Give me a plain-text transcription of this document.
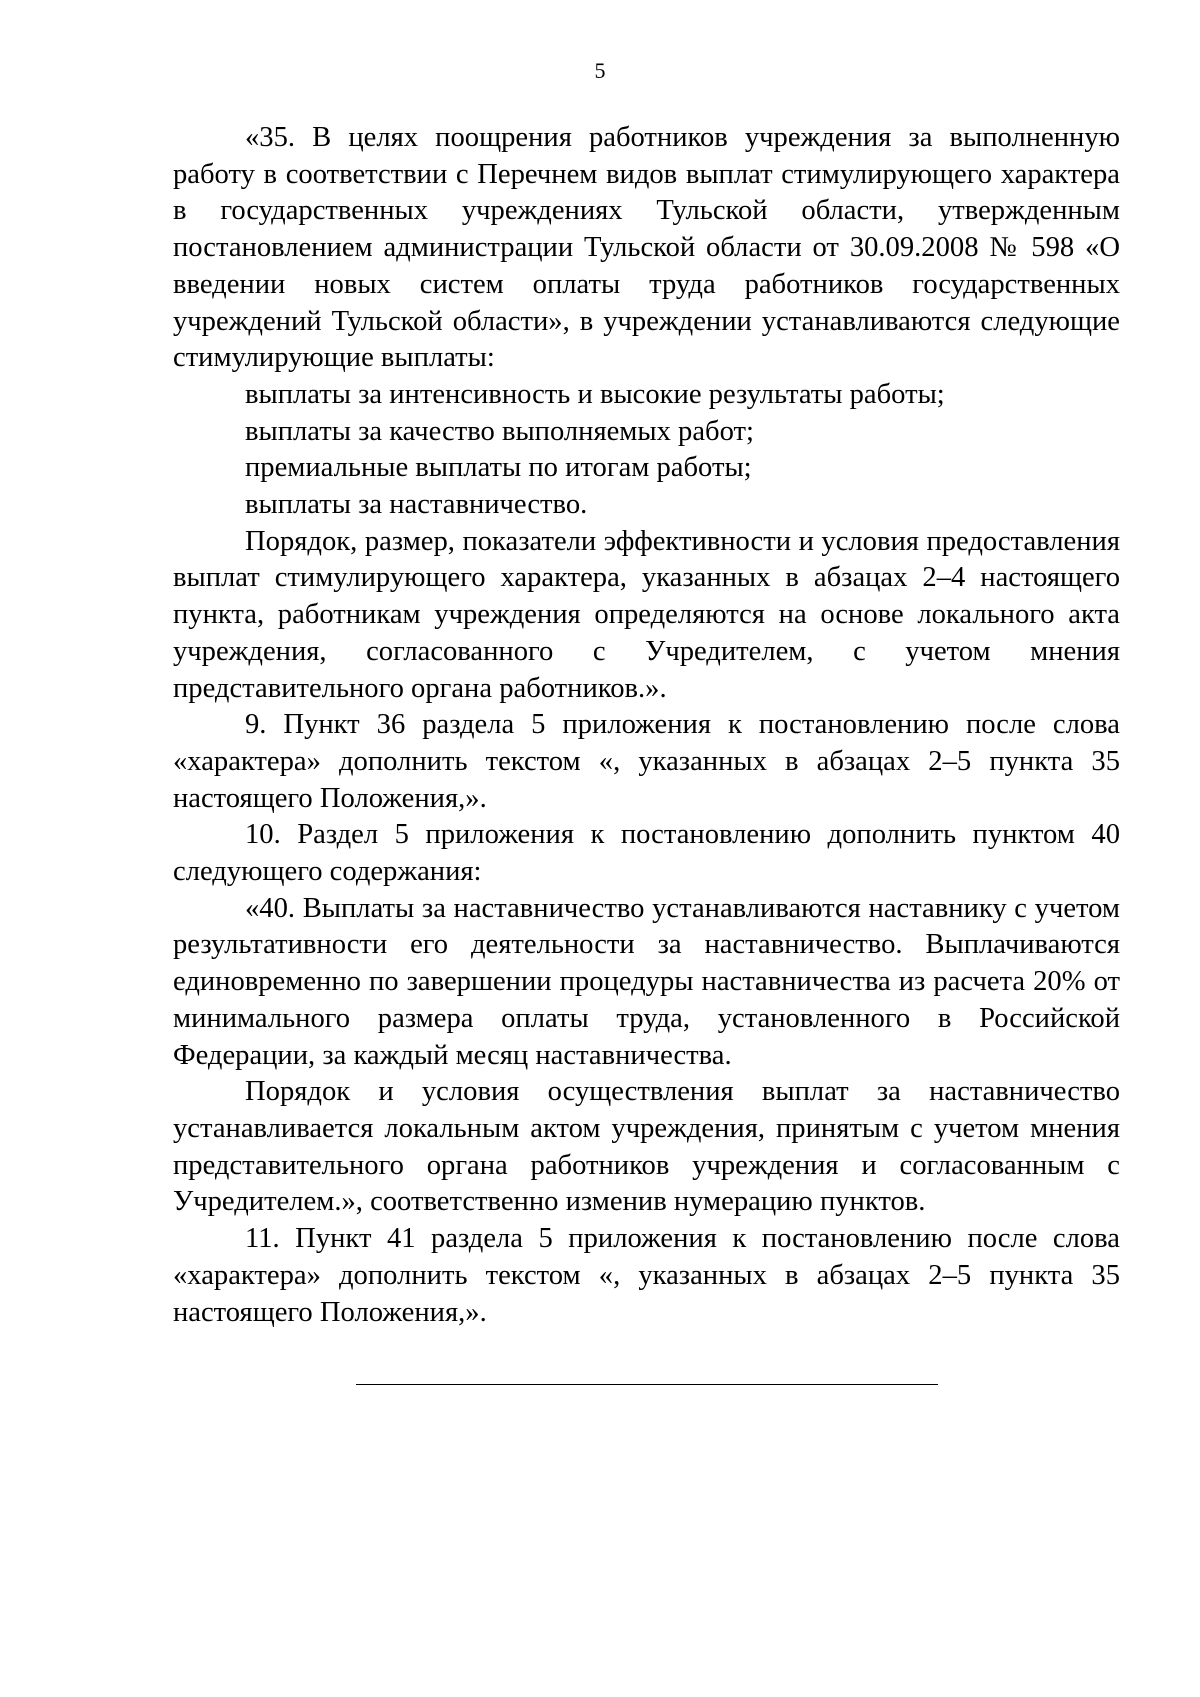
5

«35. В целях поощрения работников учреждения за выполненную работу в соответствии с Перечнем видов выплат стимулирующего характера в государственных учреждениях Тульской области, утвержденным постановлением администрации Тульской области от 30.09.2008 № 598 «О введении новых систем оплаты труда работников государственных учреждений Тульской области», в учреждении устанавливаются следующие стимулирующие выплаты:

выплаты за интенсивность и высокие результаты работы;

выплаты за качество выполняемых работ;

премиальные выплаты по итогам работы;

выплаты за наставничество.

Порядок, размер, показатели эффективности и условия предоставления выплат стимулирующего характера, указанных в абзацах 2–4 настоящего пункта, работникам учреждения определяются на основе локального акта учреждения, согласованного с Учредителем, с учетом мнения представительного органа работников.».

9. Пункт 36 раздела 5 приложения к постановлению после слова «характера» дополнить текстом «, указанных в абзацах 2–5 пункта 35 настоящего Положения,».

10. Раздел 5 приложения к постановлению дополнить пунктом 40 следующего содержания:

«40. Выплаты за наставничество устанавливаются наставнику с учетом результативности его деятельности за наставничество. Выплачиваются единовременно по завершении процедуры наставничества из расчета 20% от минимального размера оплаты труда, установленного в Российской Федерации, за каждый месяц наставничества.

Порядок и условия осуществления выплат за наставничество устанавливается локальным актом учреждения, принятым с учетом мнения представительного органа работников учреждения и согласованным с Учредителем.», соответственно изменив нумерацию пунктов.

11. Пункт 41 раздела 5 приложения к постановлению после слова «характера» дополнить текстом «, указанных в абзацах 2–5 пункта 35 настоящего Положения,».
